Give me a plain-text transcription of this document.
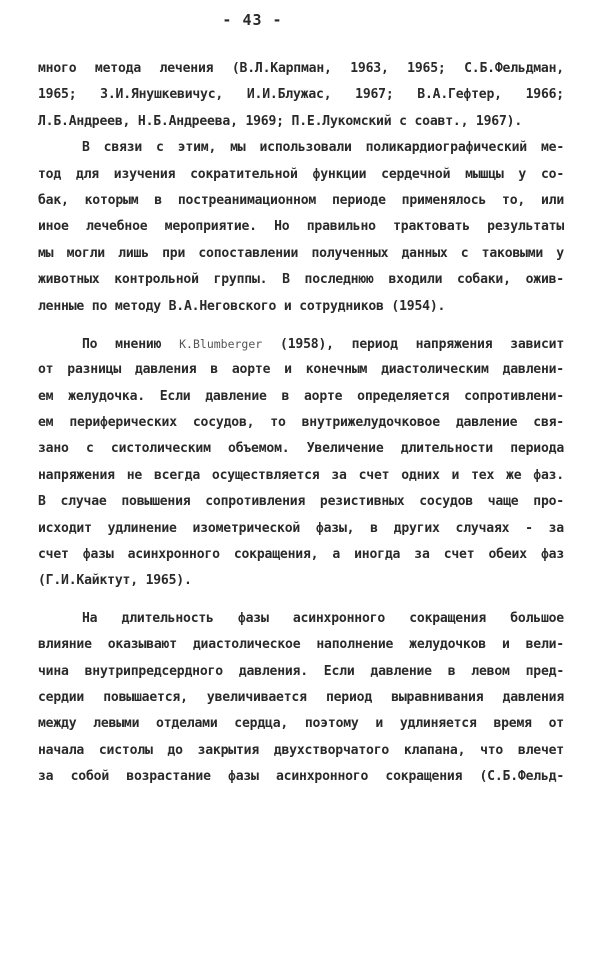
- 43 -
много метода лечения (В.Л.Карпман, 1963, 1965; С.Б.Фельдман,
1965; З.И.Янушкевичус, И.И.Блужас, 1967; В.А.Гефтер, 1966;
Л.Б.Андреев, Н.Б.Андреева, 1969; П.Е.Лукомский с соавт., 1967).
В связи с этим, мы использовали поликардиографический ме-
тод для изучения сократительной функции сердечной мышцы у со-
бак, которым в постреанимационном периоде применялось то, или
иное лечебное мероприятие. Но правильно трактовать результаты
мы могли лишь при сопоставлении полученных данных с таковыми у
животных контрольной группы. В последнюю входили собаки, ожив-
ленные по методу В.А.Неговского и сотрудников (1954).
По мнению K.Blumberger (1958), период напряжения зависит
от разницы давления в аорте и конечным диастолическим давлени-
ем желудочка. Если давление в аорте определяется сопротивлени-
ем периферических сосудов, то внутрижелудочковое давление свя-
зано с систолическим объемом. Увеличение длительности периода
напряжения не всегда осуществляется за счет одних и тех же фаз.
В случае повышения сопротивления резистивных сосудов чаще про-
исходит удлинение изометрической фазы, в других случаях - за
счет фазы асинхронного сокращения, а иногда за счет обеих фаз
(Г.И.Кайктут, 1965).
На длительность фазы асинхронного сокращения большое
влияние оказывают диастолическое наполнение желудочков и вели-
чина внутрипредсердного давления. Если давление в левом пред-
сердии повышается, увеличивается период выравнивания давления
между левыми отделами сердца, поэтому и удлиняется время от
начала систолы до закрытия двухстворчатого клапана, что влечет
за собой возрастание фазы асинхронного сокращения (С.Б.Фельд-
